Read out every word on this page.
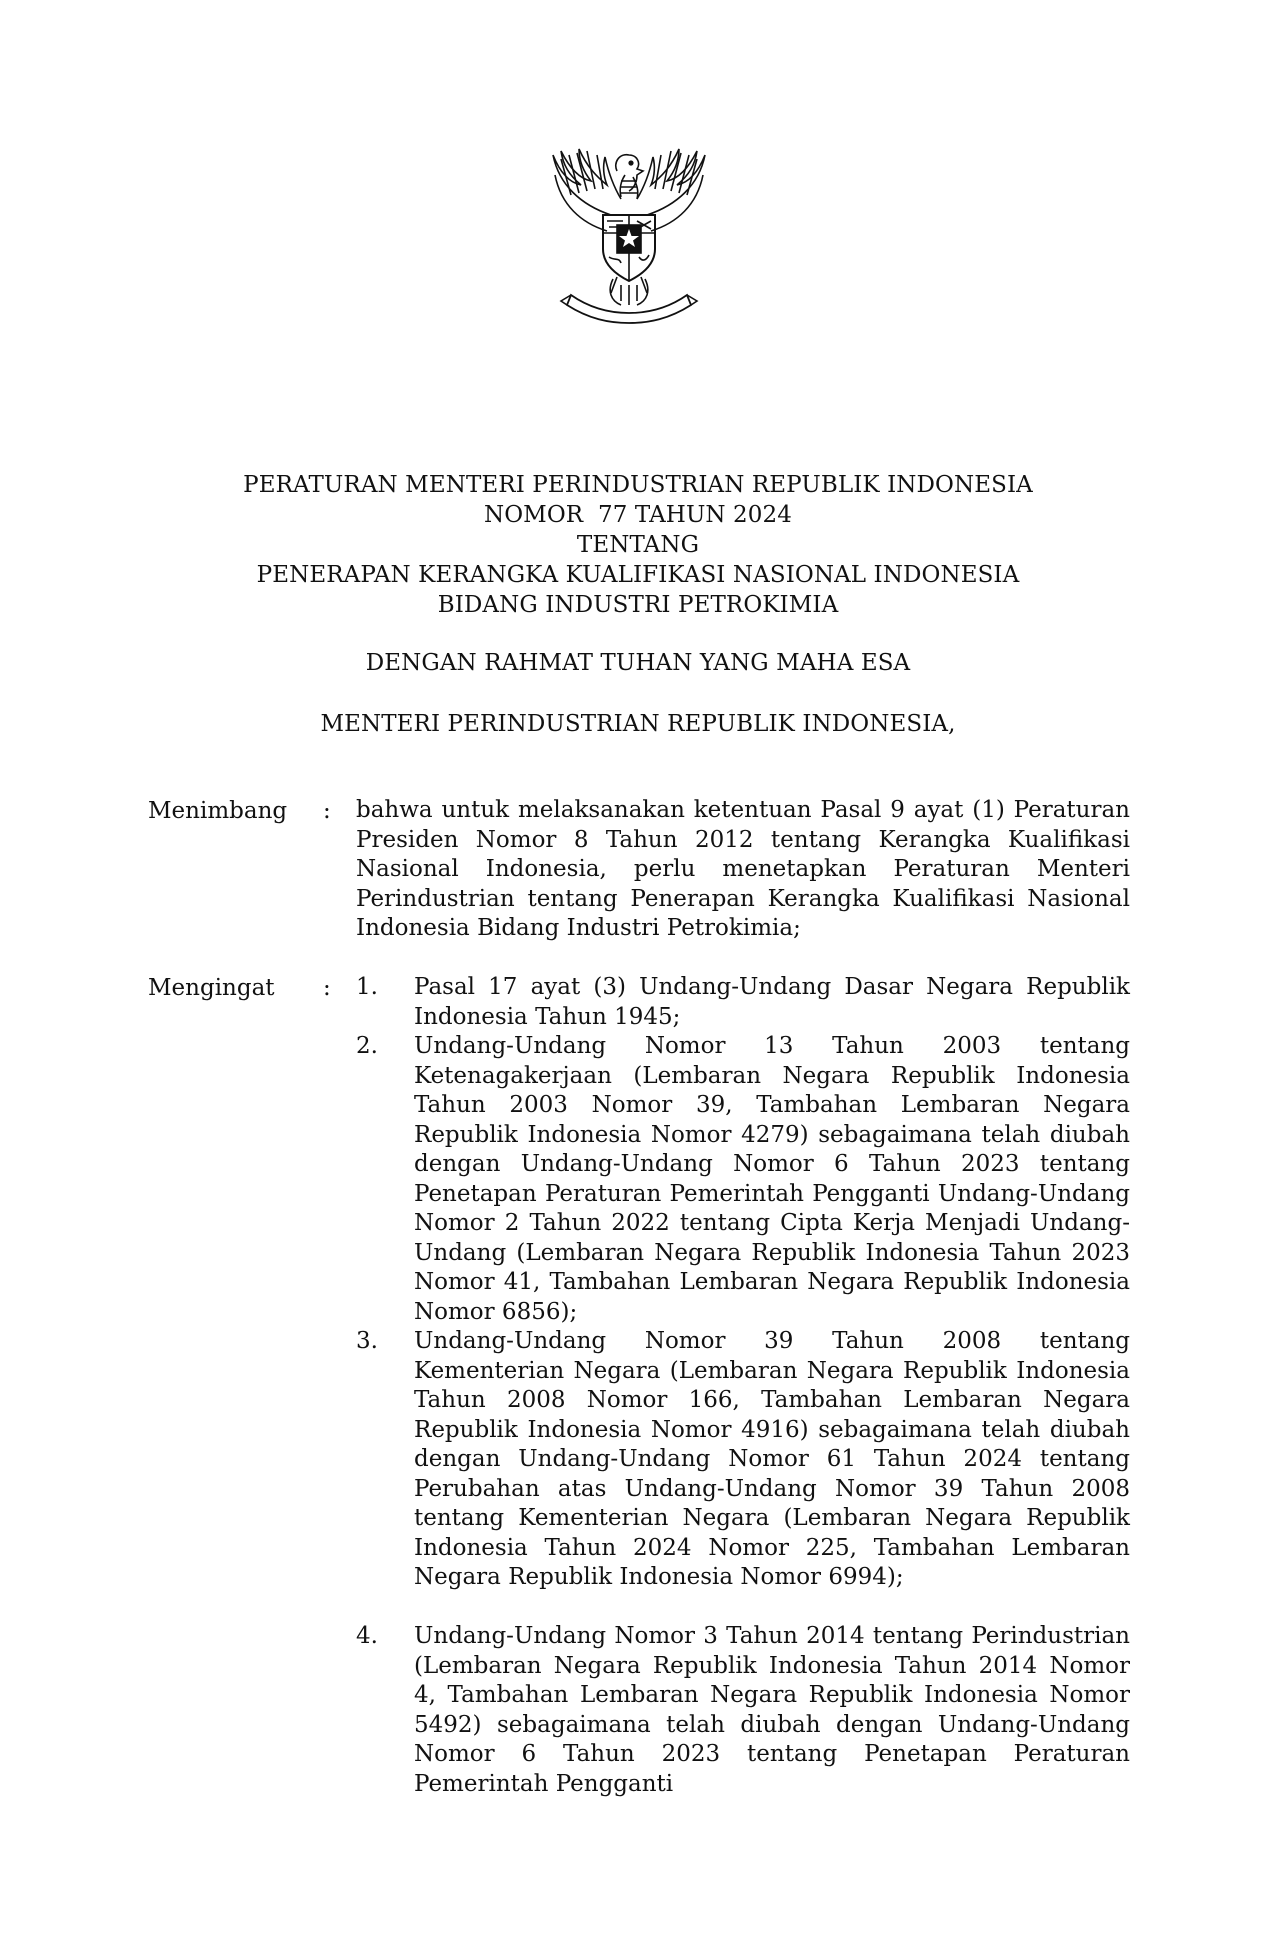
PERATURAN MENTERI PERINDUSTRIAN REPUBLIK INDONESIA
NOMOR  77 TAHUN 2024
TENTANG
PENERAPAN KERANGKA KUALIFIKASI NASIONAL INDONESIA
BIDANG INDUSTRI PETROKIMIA
DENGAN RAHMAT TUHAN YANG MAHA ESA
MENTERI PERINDUSTRIAN REPUBLIK INDONESIA,
Menimbang : bahwa untuk melaksanakan ketentuan Pasal 9 ayat (1) Peraturan Presiden Nomor 8 Tahun 2012 tentang Kerangka Kualifikasi Nasional Indonesia, perlu menetapkan Peraturan Menteri Perindustrian tentang Penerapan Kerangka Kualifikasi Nasional Indonesia Bidang Industri Petrokimia;

Mengingat : 1. Pasal 17 ayat (3) Undang-Undang Dasar Negara Republik Indonesia Tahun 1945;

2. Undang-Undang Nomor 13 Tahun 2003 tentang Ketenagakerjaan (Lembaran Negara Republik Indonesia Tahun 2003 Nomor 39, Tambahan Lembaran Negara Republik Indonesia Nomor 4279) sebagaimana telah diubah dengan Undang-Undang Nomor 6 Tahun 2023 tentang Penetapan Peraturan Pemerintah Pengganti Undang-Undang Nomor 2 Tahun 2022 tentang Cipta Kerja Menjadi Undang-Undang (Lembaran Negara Republik Indonesia Tahun 2023 Nomor 41, Tambahan Lembaran Negara Republik Indonesia Nomor 6856);

3. Undang-Undang Nomor 39 Tahun 2008 tentang Kementerian Negara (Lembaran Negara Republik Indonesia Tahun 2008 Nomor 166, Tambahan Lembaran Negara Republik Indonesia Nomor 4916) sebagaimana telah diubah dengan Undang-Undang Nomor 61 Tahun 2024 tentang Perubahan atas Undang-Undang Nomor 39 Tahun 2008 tentang Kementerian Negara (Lembaran Negara Republik Indonesia Tahun 2024 Nomor 225, Tambahan Lembaran Negara Republik Indonesia Nomor 6994);

4. Undang-Undang Nomor 3 Tahun 2014 tentang Perindustrian (Lembaran Negara Republik Indonesia Tahun 2014 Nomor 4, Tambahan Lembaran Negara Republik Indonesia Nomor 5492) sebagaimana telah diubah dengan Undang-Undang Nomor 6 Tahun 2023 tentang Penetapan Peraturan Pemerintah Pengganti
